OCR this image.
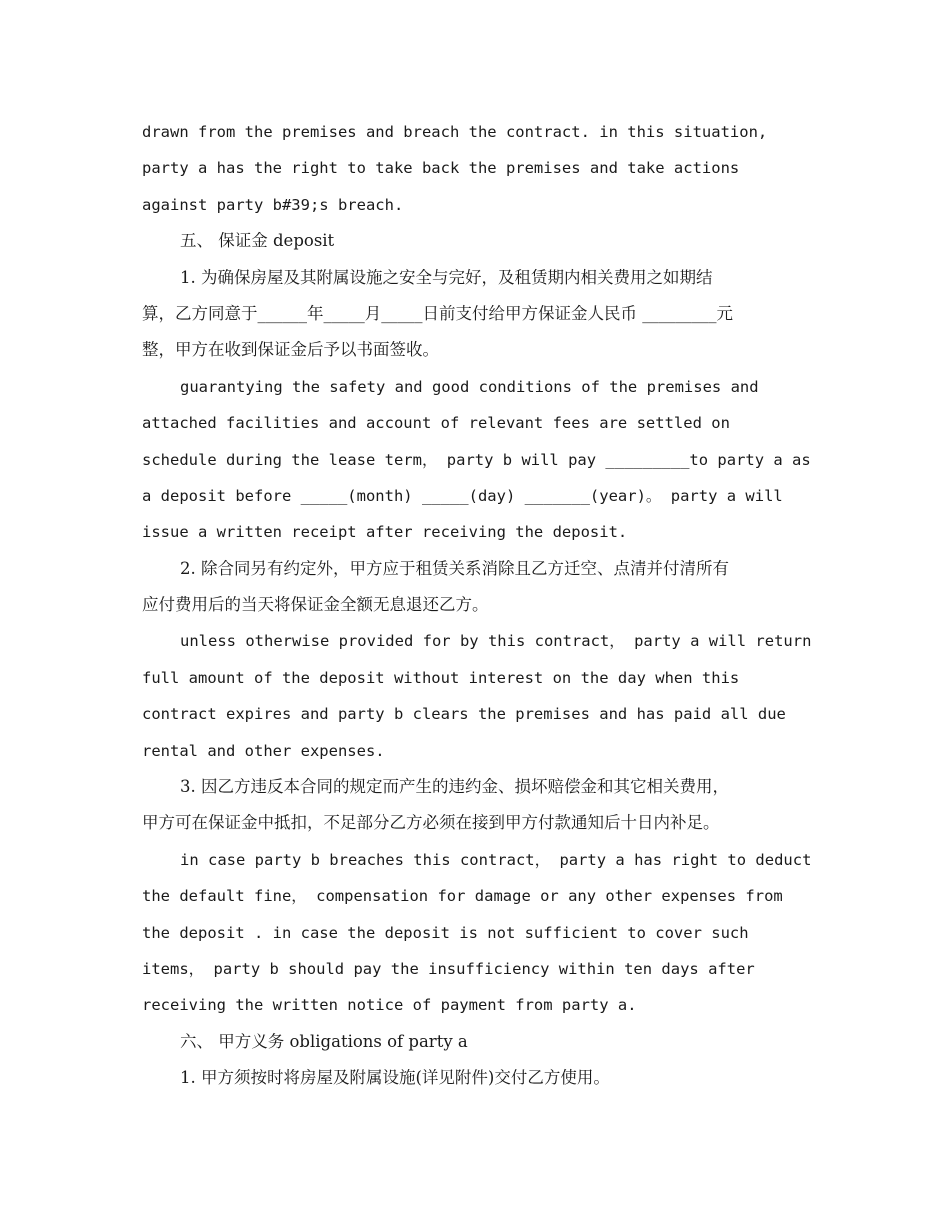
drawn from the premises and breach the contract. in this situation,
party a has the right to take back the premises and take actions
against party b#39;s breach.
五、 保证金 deposit
1. 为确保房屋及其附属设施之安全与完好，及租赁期内相关费用之如期结
算，乙方同意于______年_____月_____日前支付给甲方保证金人民币 _________元
整，甲方在收到保证金后予以书面签收。
guarantying the safety and good conditions of the premises and
attached facilities and account of relevant fees are settled on
schedule during the lease term， party b will pay _________to party a as
a deposit before _____(month) _____(day) _______(year)。 party a will
issue a written receipt after receiving the deposit.
2. 除合同另有约定外，甲方应于租赁关系消除且乙方迁空、点清并付清所有
应付费用后的当天将保证金全额无息退还乙方。
unless otherwise provided for by this contract， party a will return
full amount of the deposit without interest on the day when this
contract expires and party b clears the premises and has paid all due
rental and other expenses.
3. 因乙方违反本合同的规定而产生的违约金、损坏赔偿金和其它相关费用，
甲方可在保证金中抵扣，不足部分乙方必须在接到甲方付款通知后十日内补足。
in case party b breaches this contract， party a has right to deduct
the default fine， compensation for damage or any other expenses from
the deposit . in case the deposit is not sufficient to cover such
items， party b should pay the insufficiency within ten days after
receiving the written notice of payment from party a.
六、 甲方义务 obligations of party a
1. 甲方须按时将房屋及附属设施(详见附件)交付乙方使用。
